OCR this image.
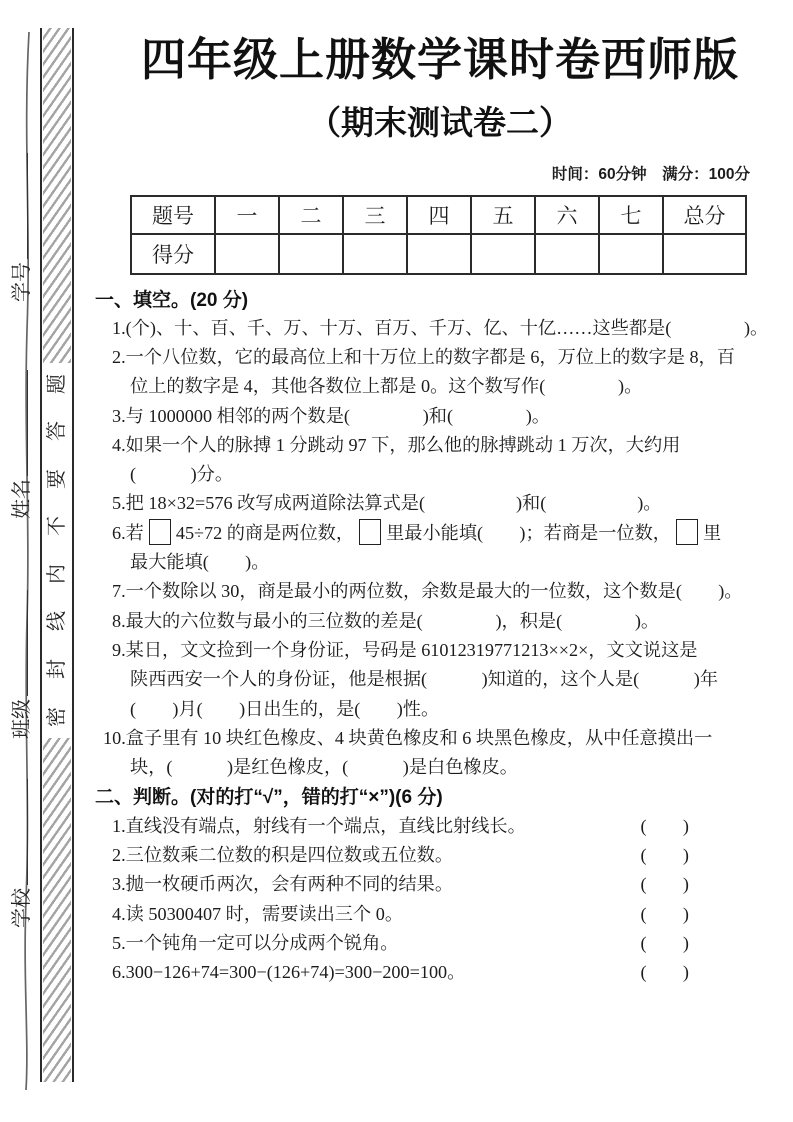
学号
姓名
班级
学校
题
答
要
不
内
线
封
密
四年级上册数学课时卷西师版
（期末测试卷二）
时间：60分钟　满分：100分
题号	一	二	三	四	五	六	七	总分
得分								
一、填空。(20 分)
1.(个)、十、百、千、万、十万、百万、千万、亿、十亿……这些都是(　　　　)。
2.一个八位数，它的最高位上和十万位上的数字都是 6，万位上的数字是 8，百
位上的数字是 4，其他各数位上都是 0。这个数写作(　　　　)。
3.与 1000000 相邻的两个数是(　　　　)和(　　　　)。
4.如果一个人的脉搏 1 分跳动 97 下，那么他的脉搏跳动 1 万次，大约用
(　　　)分。
5.把 18×32=576 改写成两道除法算式是(　　　　　)和(　　　　　)。
6.若 45÷72 的商是两位数， 里最小能填(　　)；若商是一位数， 里
最大能填(　　)。
7.一个数除以 30，商是最小的两位数，余数是最大的一位数，这个数是(　　)。
8.最大的六位数与最小的三位数的差是(　　　　)，积是(　　　　)。
9.某日，文文捡到一个身份证，号码是 61012319771213××2×，文文说这是
陕西西安一个人的身份证，他是根据(　　　)知道的，这个人是(　　　)年
(　　)月(　　)日出生的，是(　　)性。
10.盒子里有 10 块红色橡皮、4 块黄色橡皮和 6 块黑色橡皮，从中任意摸出一
块，(　　　)是红色橡皮，(　　　)是白色橡皮。
二、判断。(对的打“√”，错的打“×”)(6 分)
1.直线没有端点，射线有一个端点，直线比射线长。	(　　)
2.三位数乘二位数的积是四位数或五位数。	(　　)
3.抛一枚硬币两次，会有两种不同的结果。	(　　)
4.读 50300407 时，需要读出三个 0。	(　　)
5.一个钝角一定可以分成两个锐角。	(　　)
6.300−126+74=300−(126+74)=300−200=100。	(　　)
